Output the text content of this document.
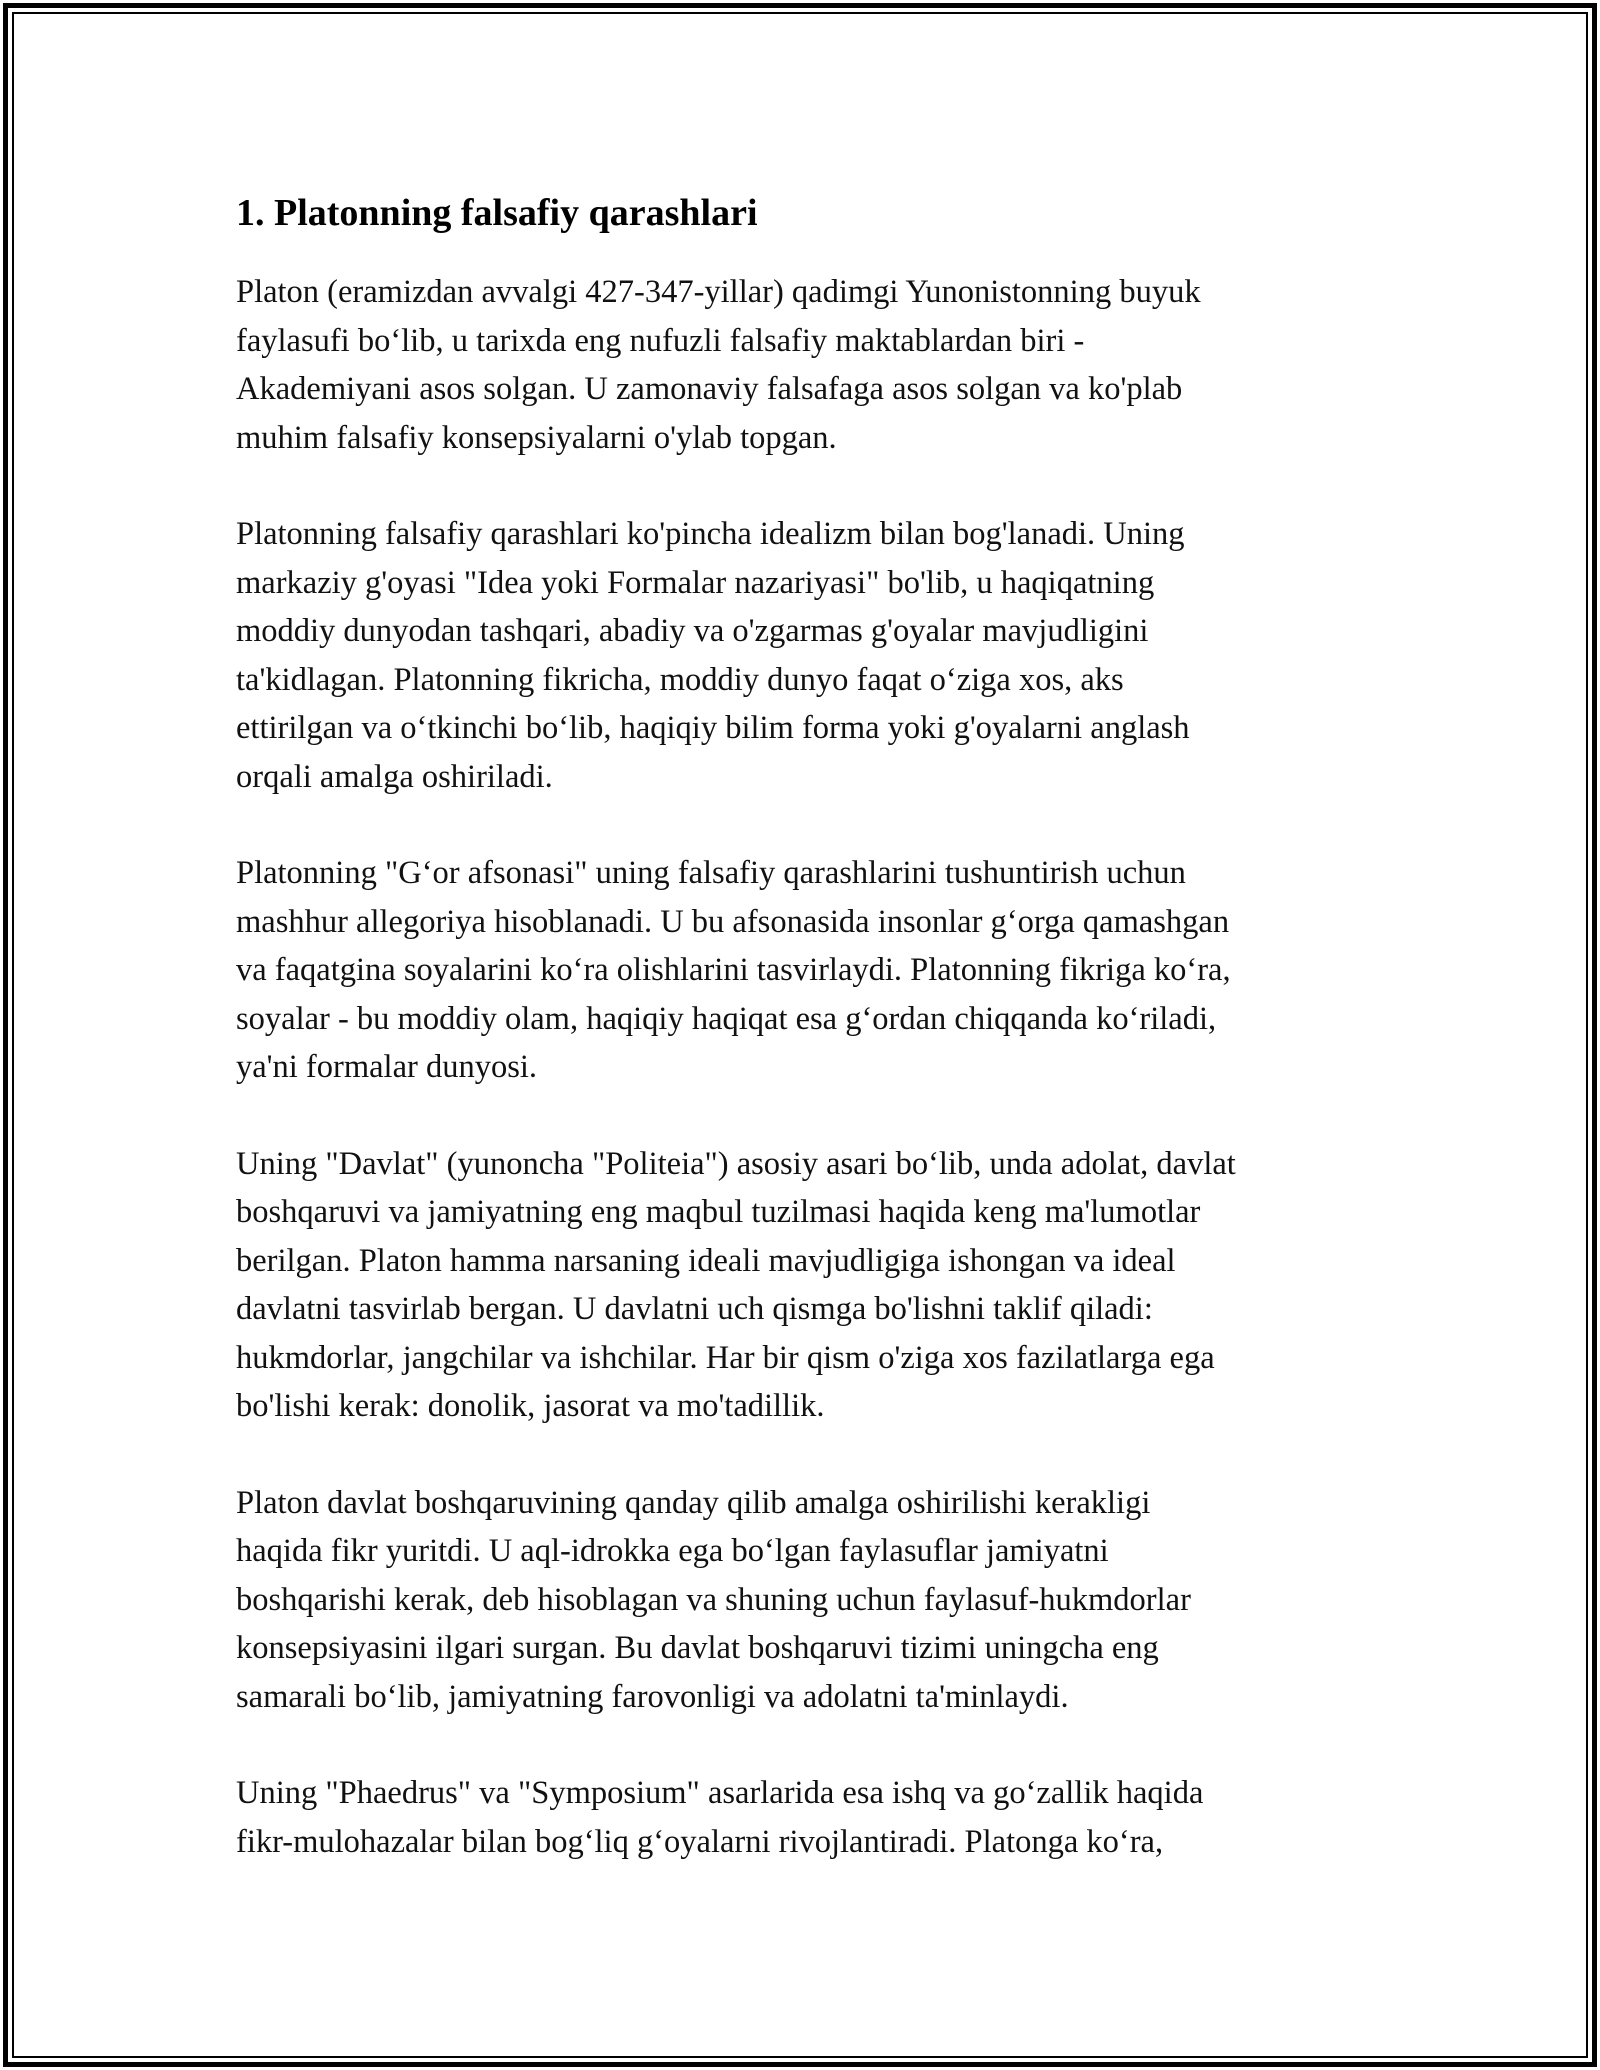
1. Platonning falsafiy qarashlari

Platon (eramizdan avvalgi 427-347-yillar) qadimgi Yunonistonning buyuk
faylasufi bo‘lib, u tarixda eng nufuzli falsafiy maktablardan biri -
Akademiyani asos solgan. U zamonaviy falsafaga asos solgan va ko'plab
muhim falsafiy konsepsiyalarni o'ylab topgan.

Platonning falsafiy qarashlari ko'pincha idealizm bilan bog'lanadi. Uning
markaziy g'oyasi "Idea yoki Formalar nazariyasi" bo'lib, u haqiqatning
moddiy dunyodan tashqari, abadiy va o'zgarmas g'oyalar mavjudligini
ta'kidlagan. Platonning fikricha, moddiy dunyo faqat o‘ziga xos, aks
ettirilgan va o‘tkinchi bo‘lib, haqiqiy bilim forma yoki g'oyalarni anglash
orqali amalga oshiriladi.

Platonning "G‘or afsonasi" uning falsafiy qarashlarini tushuntirish uchun
mashhur allegoriya hisoblanadi. U bu afsonasida insonlar g‘orga qamashgan
va faqatgina soyalarini ko‘ra olishlarini tasvirlaydi. Platonning fikriga ko‘ra,
soyalar - bu moddiy olam, haqiqiy haqiqat esa g‘ordan chiqqanda ko‘riladi,
ya'ni formalar dunyosi.

Uning "Davlat" (yunoncha "Politeia") asosiy asari bo‘lib, unda adolat, davlat
boshqaruvi va jamiyatning eng maqbul tuzilmasi haqida keng ma'lumotlar
berilgan. Platon hamma narsaning ideali mavjudligiga ishongan va ideal
davlatni tasvirlab bergan. U davlatni uch qismga bo'lishni taklif qiladi:
hukmdorlar, jangchilar va ishchilar. Har bir qism o'ziga xos fazilatlarga ega
bo'lishi kerak: donolik, jasorat va mo'tadillik.

Platon davlat boshqaruvining qanday qilib amalga oshirilishi kerakligi
haqida fikr yuritdi. U aql-idrokka ega bo‘lgan faylasuflar jamiyatni
boshqarishi kerak, deb hisoblagan va shuning uchun faylasuf-hukmdorlar
konsepsiyasini ilgari surgan. Bu davlat boshqaruvi tizimi uningcha eng
samarali bo‘lib, jamiyatning farovonligi va adolatni ta'minlaydi.

Uning "Phaedrus" va "Symposium" asarlarida esa ishq va go‘zallik haqida
fikr-mulohazalar bilan bog‘liq g‘oyalarni rivojlantiradi. Platonga ko‘ra,
